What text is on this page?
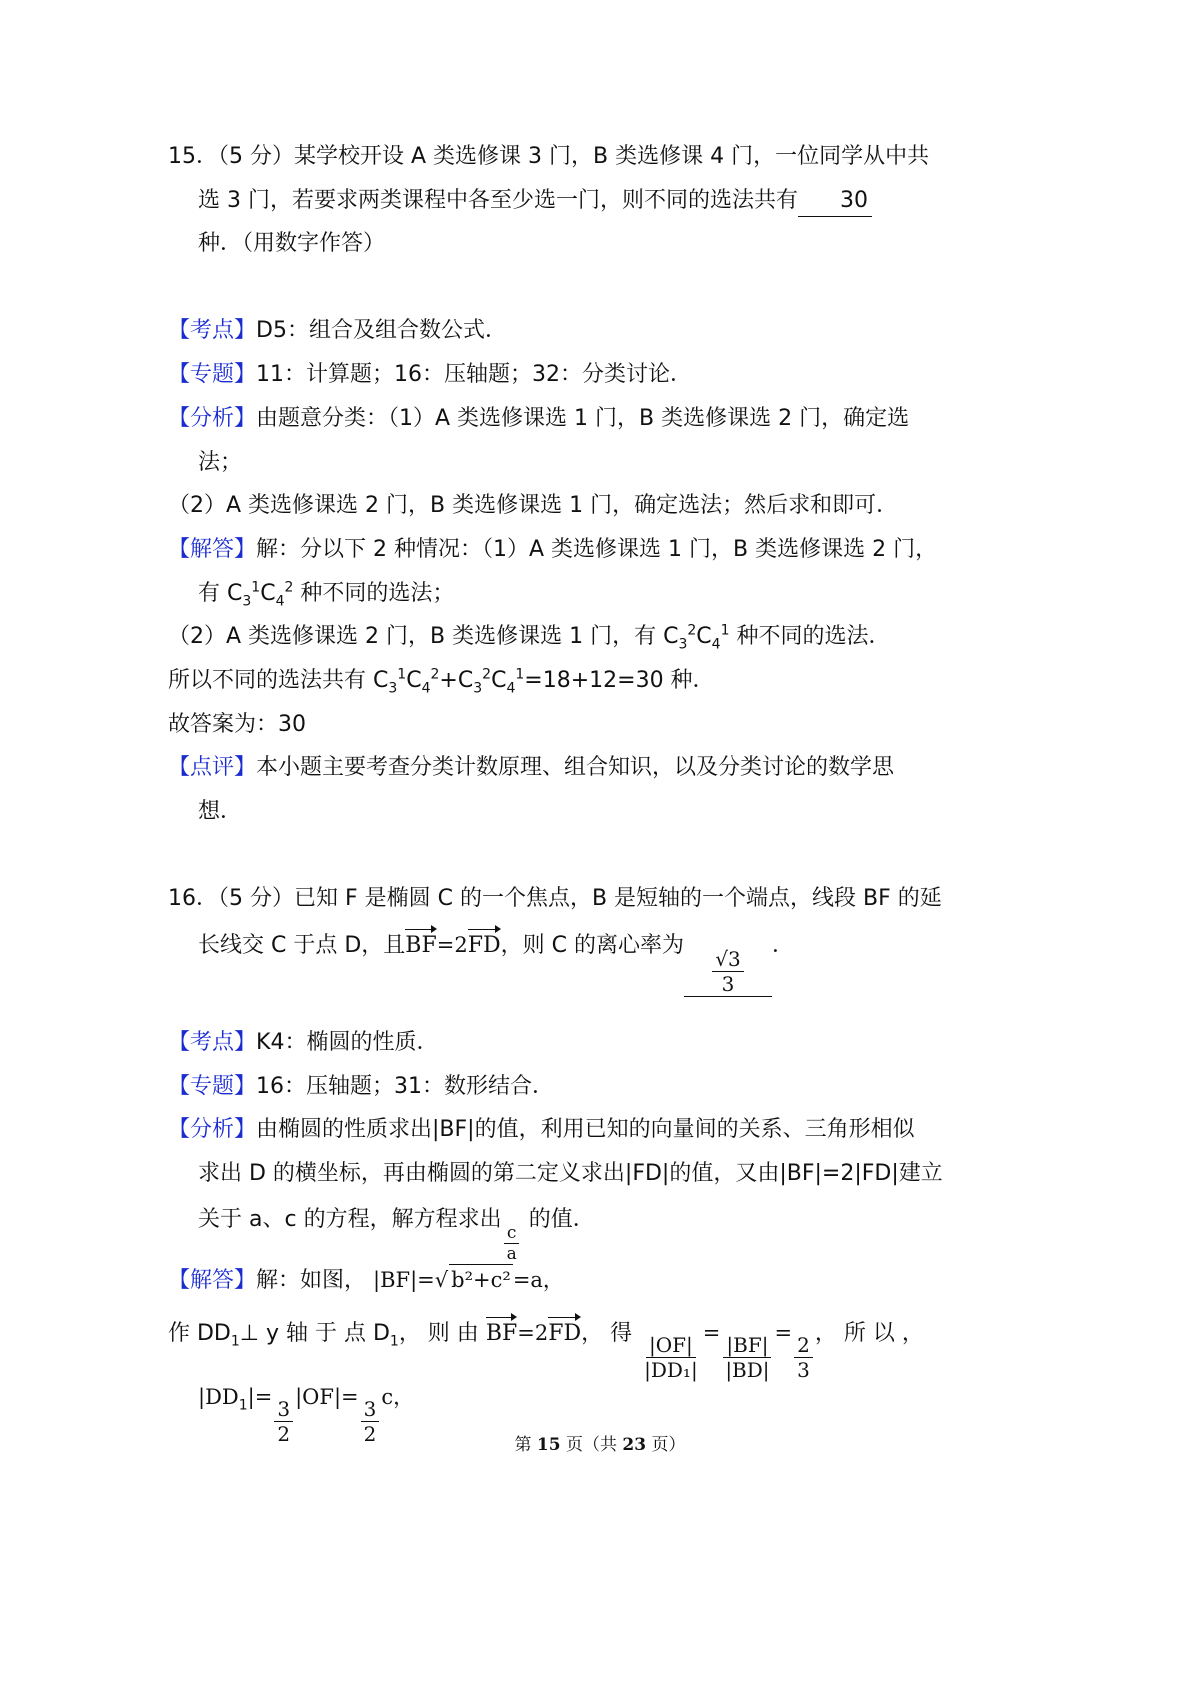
15．（5 分）某学校开设 A 类选修课 3 门，B 类选修课 4 门，一位同学从中共
选 3 门，若要求两类课程中各至少选一门，则不同的选法共有 30
种．（用数字作答）
【考点】D5：组合及组合数公式．
【专题】11：计算题；16：压轴题；32：分类讨论．
【分析】由题意分类：（1）A 类选修课选 1 门，B 类选修课选 2 门，确定选
法；
（2）A 类选修课选 2 门，B 类选修课选 1 门，确定选法；然后求和即可．
【解答】解：分以下 2 种情况：（1）A 类选修课选 1 门，B 类选修课选 2 门，
有 $C_3^1C_4^2$ 种不同的选法；
（2）A 类选修课选 2 门，B 类选修课选 1 门，有 $C_3^2C_4^1$ 种不同的选法．
所以不同的选法共有 $C_3^1C_4^2+C_3^2C_4^1=18+12=30$ 种．
故答案为：30
【点评】本小题主要考查分类计数原理、组合知识，以及分类讨论的数学思
想．
16．（5 分）已知 F 是椭圆 C 的一个焦点，B 是短轴的一个端点，线段 BF 的延
长线交 C 于点 D，且BF=2FD，则 C 的离心率为
$\frac{√3}{3}$
．
【考点】K4：椭圆的性质．
【专题】16：压轴题；31：数形结合．
【分析】由椭圆的性质求出|BF|的值，利用已知的向量间的关系、三角形相似
求出 D 的横坐标，再由椭圆的第二定义求出|FD|的值，又由|BF|=2|FD|建立
关于 a、c 的方程，解方程求出
$\frac{c}{a}$
的值．
【解答】解：如图， |BF|=√ b²+c²=a，
作 $DD_1\perp$ y 轴 于 点 $D_1$， 则 由 BF=2FD， 得 $\frac{|OF|}{\text{|DD₁|}} = \frac{|BF|}{|BD|} = \frac{2}{3}$ ， 所 以 ，
$|DD_1|= \frac{3}{2} |OF|= \frac{3}{2}$ c，
第 15 页（共 23 页）
